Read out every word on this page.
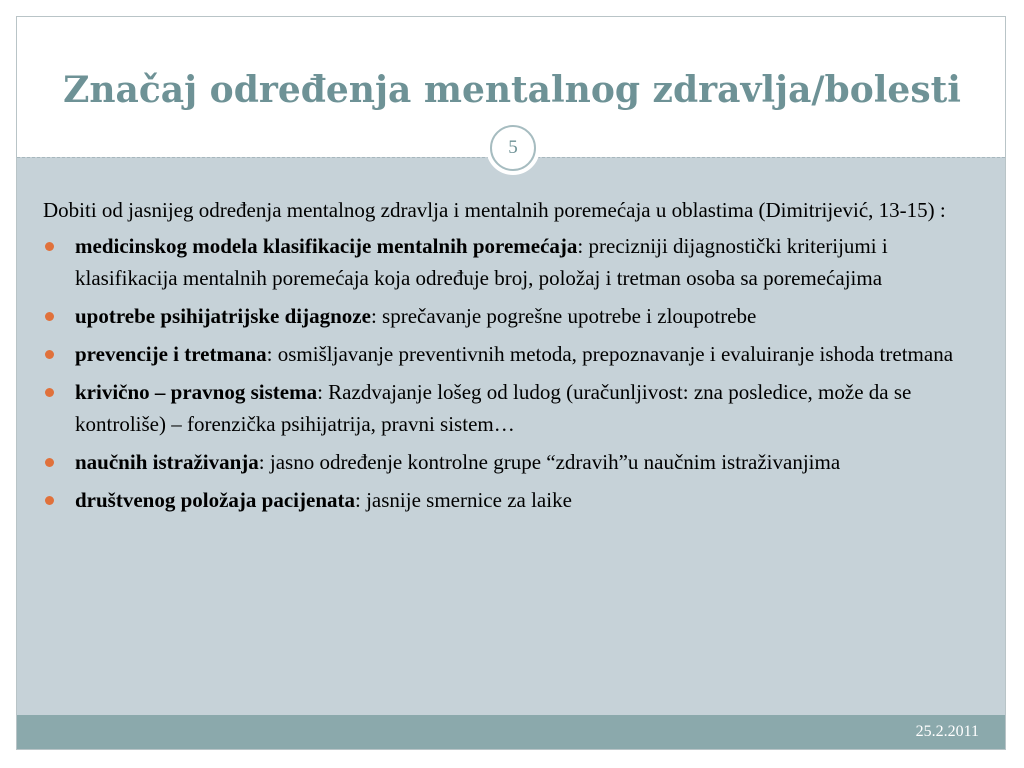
Značaj određenja mentalnog zdravlja/bolesti
Dobiti od jasnijeg određenja mentalnog zdravlja i mentalnih poremećaja u oblastima (Dimitrijević, 13-15) :
medicinskog modela klasifikacije mentalnih poremećaja: precizniji dijagnostički kriterijumi i klasifikacija mentalnih poremećaja koja određuje broj, položaj i tretman osoba sa poremećajima
upotrebe psihijatrijske dijagnoze: sprečavanje pogrešne upotrebe i zloupotrebe
prevencije i tretmana: osmišljavanje preventivnih metoda, prepoznavanje i evaluiranje ishoda tretmana
krivično – pravnog sistema: Razdvajanje lošeg od ludog (uračunljivost: zna posledice, može da se kontroliše) – forenzička psihijatrija, pravni sistem…
naučnih istraživanja: jasno određenje kontrolne grupe “zdravih”u naučnim istraživanjima
društvenog položaja pacijenata: jasnije smernice za laike
5
25.2.2011
